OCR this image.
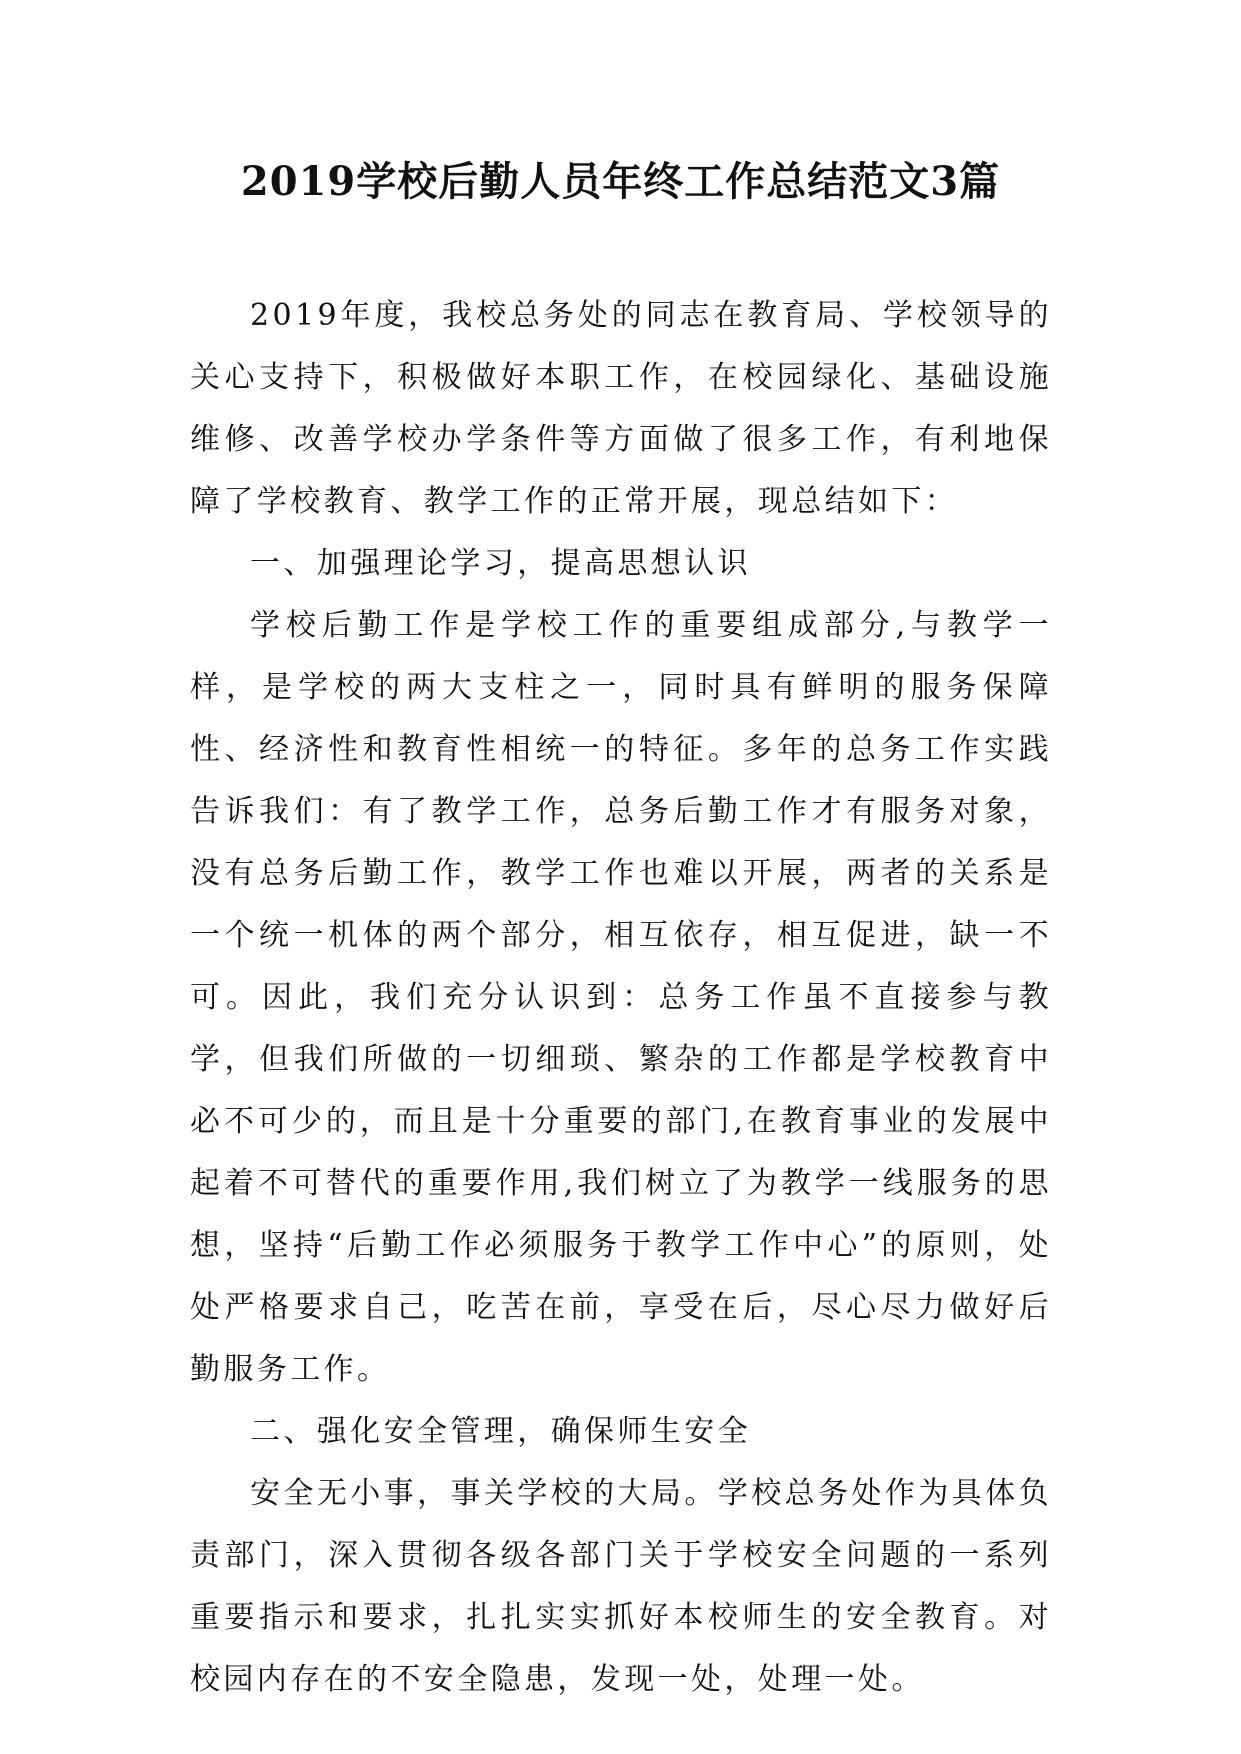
2019学校后勤人员年终工作总结范文3篇

2019年度，我校总务处的同志在教育局、学校领导的关心支持下，积极做好本职工作，在校园绿化、基础设施维修、改善学校办学条件等方面做了很多工作，有利地保障了学校教育、教学工作的正常开展，现总结如下：

一、加强理论学习，提高思想认识

学校后勤工作是学校工作的重要组成部分,与教学一样，是学校的两大支柱之一，同时具有鲜明的服务保障性、经济性和教育性相统一的特征。多年的总务工作实践告诉我们：有了教学工作，总务后勤工作才有服务对象，没有总务后勤工作，教学工作也难以开展，两者的关系是一个统一机体的两个部分，相互依存，相互促进，缺一不可。因此，我们充分认识到：总务工作虽不直接参与教学，但我们所做的一切细琐、繁杂的工作都是学校教育中必不可少的，而且是十分重要的部门,在教育事业的发展中起着不可替代的重要作用,我们树立了为教学一线服务的思想，坚持“后勤工作必须服务于教学工作中心”的原则，处处严格要求自己，吃苦在前，享受在后，尽心尽力做好后勤服务工作。

二、强化安全管理，确保师生安全

安全无小事，事关学校的大局。学校总务处作为具体负责部门，深入贯彻各级各部门关于学校安全问题的一系列重要指示和要求，扎扎实实抓好本校师生的安全教育。对校园内存在的不安全隐患，发现一处，处理一处。
